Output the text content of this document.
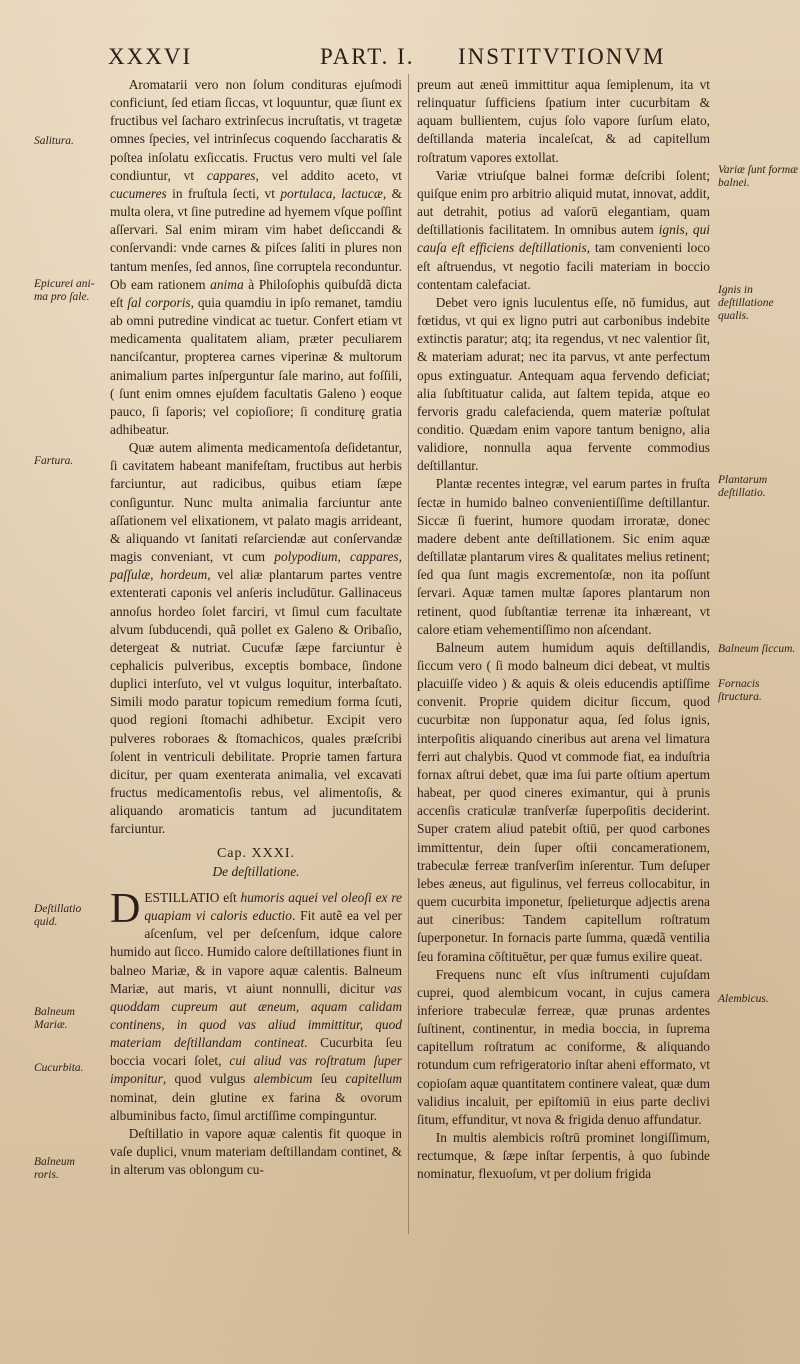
XXXVI	PART. I. INSTITVTIONVM

Aromatarii vero non ſolum condituras ejuſmodi conficiunt, ſed etiam ſiccas, vt loquuntur, quæ ſiunt ex fructibus vel ſacharo extrinſecus incruſtatis, vt tragetæ omnes ſpecies, vel intrinſecus coquendo ſaccharatis & poſtea inſolatu exſiccatis. Fructus vero multi vel ſale condiuntur, vt cappares, vel addito aceto, vt cucumeres in fruſtula ſecti, vt portulaca, lactucæ, & multa olera, vt ſine putredine ad hyemem vſque poſſint aſſervari. Sal enim miram vim habet deſiccandi & conſervandi: vnde carnes & piſces ſaliti in plures non tantum menſes, ſed annos, ſine corruptela reconduntur. Ob eam rationem anima à Philoſophis quibuſdã dicta eſt ſal corporis, quia quamdiu in ipſo remanet, tamdiu ab omni putredine vindicat ac tuetur. Confert etiam vt medicamenta qualitatem aliam, præter peculiarem nanciſcantur, propterea carnes viperinæ & multorum animalium partes inſperguntur ſale marino, aut foſſili, ( ſunt enim omnes ejuſdem facultatis Galeno ) eoque pauco, ſi ſaporis; vel copioſiore; ſi conditurę gratia adhibeatur.

Quæ autem alimenta medicamentoſa deſidetantur, ſi cavitatem habeant manifeſtam, fructibus aut herbis farciuntur, aut radicibus, quibus etiam ſæpe conſiguntur. Nunc multa animalia farciuntur ante aſſationem vel elixationem, vt palato magis arrideant, & aliquando vt ſanitati reſarciendæ aut conſervandæ magis conveniant, vt cum polypodium, cappares, paſſulæ, hordeum, vel aliæ plantarum partes ventre extenterati caponis vel anſeris includūtur. Gallinaceus annoſus hordeo ſolet farciri, vt ſimul cum facultate alvum ſubducendi, quã pollet ex Galeno & Oribaſio, detergeat & nutriat. Cucufæ ſæpe farciuntur è cephalicis pulveribus, exceptis bombace, ſindone duplici interſuto, vel vt vulgus loquitur, interbaſtato. Simili modo paratur topicum remedium forma ſcuti, quod regioni ſtomachi adhibetur. Excipit vero pulveres roboraes & ſtomachicos, quales præſcribi ſolent in ventriculi debilitate. Proprie tamen fartura dicitur, per quam exenterata animalia, vel excavati fructus medicamentoſis rebus, vel alimentoſis, & aliquando aromaticis tantum ad jucunditatem farciuntur.

Cap. XXXI.
De deſtillatione.

DESTILLATIO eſt humoris aquei vel oleoſi ex re quapiam vi caloris eductio. Fit autẽ ea vel per aſcenſum, vel per deſcenſum, idque calore humido aut ſicco. Humido calore deſtillationes fiunt in balneo Mariæ, & in vapore aquæ calentis. Balneum Mariæ, aut maris, vt aiunt nonnulli, dicitur vas quoddam cupreum aut æneum, aquam calidam continens, in quod vas aliud immittitur, quod materiam deſtillandam contineat. Cucurbita ſeu boccia vocari ſolet, cui aliud vas roſtratum ſuper imponitur, quod vulgus alembicum ſeu capitellum nominat, dein glutine ex farina & ovorum albuminibus facto, ſimul arctiſſime compinguntur.

Deſtillatio in vapore aquæ calentis fit quoque in vaſe duplici, vnum materiam deſtillandam continet, & in alterum vas oblongum cu-

preum aut æneū immittitur aqua ſemiplenum, ita vt relinquatur ſufficiens ſpatium inter cucurbitam & aquam bullientem, cujus ſolo vapore ſurſum elato, deſtillanda materia incaleſcat, & ad capitellum roſtratum vapores extollat.

Variæ vtriuſque balnei formæ deſcribi ſolent; quiſque enim pro arbitrio aliquid mutat, innovat, addit, aut detrahit, potius ad vaſorū elegantiam, quam deſtillationis facilitatem. In omnibus autem ignis, qui cauſa eſt efficiens deſtillationis, tam convenienti loco eſt aſtruendus, vt negotio facili materiam in boccio contentam calefaciat.

Debet vero ignis luculentus eſſe, nō fumidus, aut fœtidus, vt qui ex ligno putri aut carbonibus indebite extinctis paratur; atq; ita regendus, vt nec valentior ſit, & materiam adurat; nec ita parvus, vt ante perfectum opus extinguatur. Antequam aqua fervendo deficiat; alia ſubſtituatur calida, aut ſaltem tepida, atque eo fervoris gradu calefacienda, quem materiæ poſtulat conditio. Quædam enim vapore tantum benigno, alia validiore, nonnulla aqua fervente commodius deſtillantur.

Plantæ recentes integræ, vel earum partes in fruſta ſectæ in humido balneo convenientiſſime deſtillantur. Siccæ ſi fuerint, humore quodam irroratæ, donec madere debent ante deſtillationem. Sic enim aquæ deſtillatæ plantarum vires & qualitates melius retinent; ſed qua ſunt magis excrementoſæ, non ita poſſunt ſervari. Aquæ tamen multæ ſapores plantarum non retinent, quod ſubſtantiæ terrenæ ita inhæreant, vt calore etiam vehementiſſimo non aſcendant.

Balneum autem humidum aquis deſtillandis, ſiccum vero ( ſi modo balneum dici debeat, vt multis placuiſſe video ) & aquis & oleis educendis aptiſſime convenit. Proprie quidem dicitur ſiccum, quod cucurbitæ non ſupponatur aqua, ſed ſolus ignis, interpoſitis aliquando cineribus aut arena vel limatura ferri aut chalybis. Quod vt commode fiat, ea induſtria fornax aſtrui debet, quæ ima ſui parte oſtium apertum habeat, per quod cineres eximantur, qui à prunis accenſis craticulæ tranſverſæ ſuperpoſitis deciderint. Super cratem aliud patebit oſtiū, per quod carbones immittentur, dein ſuper oſtii concamerationem, trabeculæ ferreæ tranſverſim inſerentur. Tum deſuper lebes æneus, aut figulinus, vel ferreus collocabitur, in quem cucurbita imponetur, ſpelieturque adjectis arena aut cineribus: Tandem capitellum roſtratum ſuperponetur. In fornacis parte ſumma, quædã ventilia ſeu foramina cōſtituētur, per quæ fumus exilire queat.

Frequens nunc eſt vſus inſtrumenti cujuſdam cuprei, quod alembicum vocant, in cujus camera inferiore trabeculæ ferreæ, quæ prunas ardentes ſuſtinent, continentur, in media boccia, in ſuprema capitellum roſtratum ac coniforme, & aliquando rotundum cum refrigeratorio inſtar aheni efformato, vt copioſam aquæ quantitatem continere valeat, quæ dum validius incaluit, per epiſtomiū in eius parte declivi ſitum, effunditur, vt nova & frigida denuo affundatur.

In multis alembicis roſtrū prominet longiſſimum, rectumque, & ſæpe inſtar ſerpentis, à quo ſubinde nominatur, flexuoſum, vt per dolium frigida

Salitura.
Epicurei ani-ma pro ſale.
Fartura.
Deſtillatio quid.
Balneum Mariæ.
Cucurbita.
Balneum roris.
Variæ ſunt formæ balnei.
Ignis in deſtillatione qualis.
Plantarum deſtillatio.
Balneum ſiccum.
Fornacis ſtructura.
Alembicus.
